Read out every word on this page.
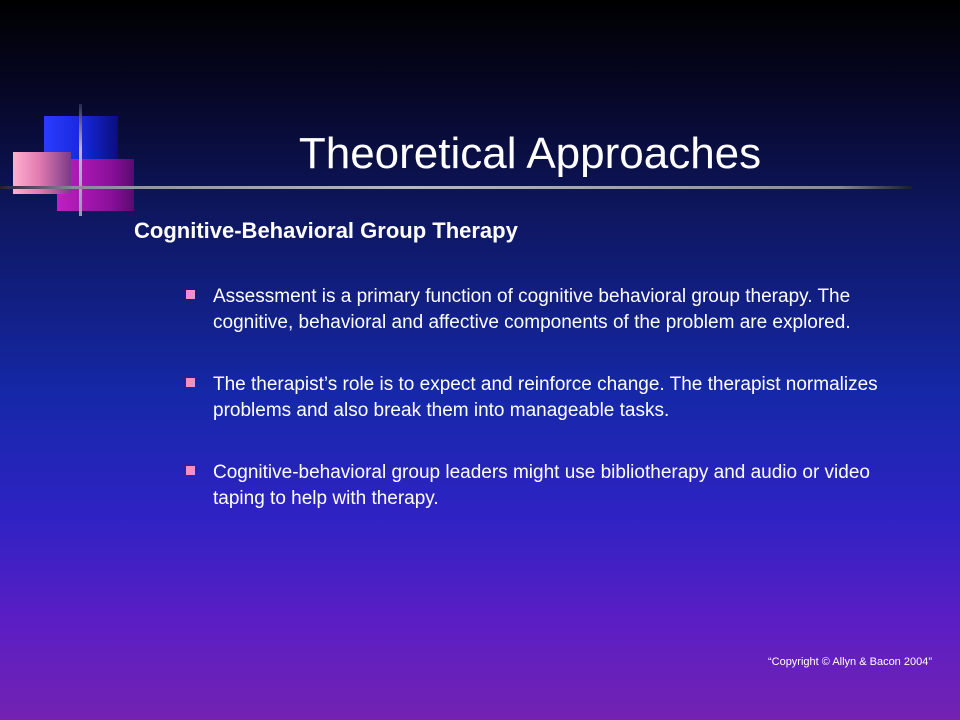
Theoretical Approaches
Cognitive-Behavioral Group Therapy
Assessment is a primary function of cognitive behavioral group therapy. The cognitive, behavioral and affective components of the problem are explored.
The therapist’s role is to expect and reinforce change. The therapist normalizes problems and also break them into manageable tasks.
Cognitive-behavioral group leaders might use bibliotherapy and audio or video taping to help with therapy.
“Copyright © Allyn & Bacon 2004”
